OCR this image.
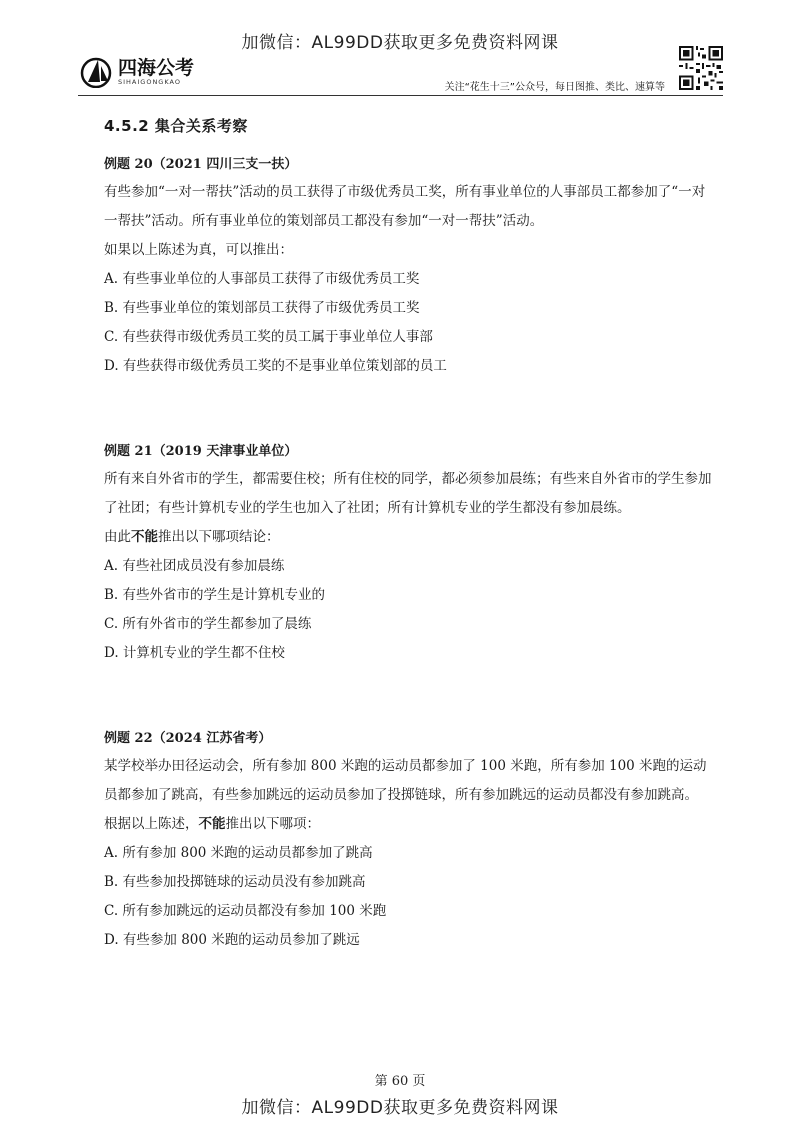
加微信：AL99DD获取更多免费资料网课
四海公考
SIHAIGONGKAO	关注“花生十三”公众号，每日图推、类比、速算等
4.5.2 集合关系考察
例题 20（2021 四川三支一扶）

有些参加“一对一帮扶”活动的员工获得了市级优秀员工奖，所有事业单位的人事部员工都参加了“一对一帮扶”活动。所有事业单位的策划部员工都没有参加“一对一帮扶”活动。

如果以上陈述为真，可以推出：

A. 有些事业单位的人事部员工获得了市级优秀员工奖

B. 有些事业单位的策划部员工获得了市级优秀员工奖

C. 有些获得市级优秀员工奖的员工属于事业单位人事部

D. 有些获得市级优秀员工奖的不是事业单位策划部的员工

例题 21（2019 天津事业单位）

所有来自外省市的学生，都需要住校；所有住校的同学，都必须参加晨练；有些来自外省市的学生参加了社团；有些计算机专业的学生也加入了社团；所有计算机专业的学生都没有参加晨练。

由此不能推出以下哪项结论：

A. 有些社团成员没有参加晨练

B. 有些外省市的学生是计算机专业的

C. 所有外省市的学生都参加了晨练

D. 计算机专业的学生都不住校

例题 22（2024 江苏省考）

某学校举办田径运动会，所有参加 800 米跑的运动员都参加了 100 米跑，所有参加 100 米跑的运动员都参加了跳高，有些参加跳远的运动员参加了投掷链球，所有参加跳远的运动员都没有参加跳高。

根据以上陈述，不能推出以下哪项：

A. 所有参加 800 米跑的运动员都参加了跳高

B. 有些参加投掷链球的运动员没有参加跳高

C. 所有参加跳远的运动员都没有参加 100 米跑

D. 有些参加 800 米跑的运动员参加了跳远

第 60 页
加微信：AL99DD获取更多免费资料网课
